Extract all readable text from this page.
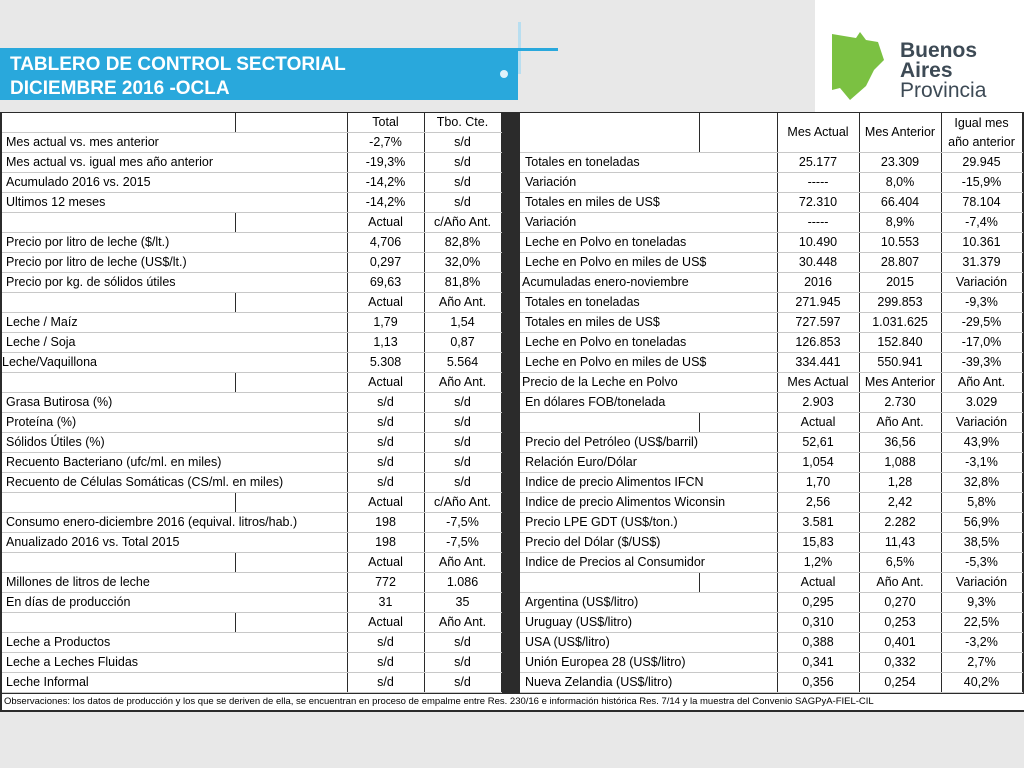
TABLERO DE CONTROL SECTORIAL
DICIEMBRE 2016 -OCLA
Buenos
Aires
Provincia
PRODUCCION:	dic-16	Total	Tbo. Cte.
Mes actual vs. mes anterior		-2,7%	s/d
Mes actual vs. igual mes año anterior		-19,3%	s/d
Acumulado 2016 vs. 2015		-14,2%	s/d
Ultimos 12 meses		-14,2%	s/d
PRECIO LECHE A PRODUCTOR	dic-16	Actual	c/Año Ant.
Precio por litro de leche ($/lt.)		4,706	82,8%
Precio por litro de leche (US$/lt.)		0,297	32,0%
Precio por kg. de sólidos útiles		69,63	81,8%
RELACIONES PROD/INSUMO/PROD:	dic-16	Actual	Año Ant.
Leche / Maíz		1,79	1,54
Leche / Soja		1,13	0,87
Leche/Vaquillona		5.308	5.564
CALIDAD DE LECHE:	nov-16	Actual	Año Ant.
Grasa Butirosa (%)		s/d	s/d
Proteína (%)		s/d	s/d
Sólidos Útiles (%)		s/d	s/d
Recuento Bacteriano (ufc/ml. en miles)		s/d	s/d
Recuento de Células Somáticas (CS/ml. en miles)		s/d	s/d
CONSUMO PER CAPITA	dic-16	Actual	c/Año Ant.
Consumo enero-diciembre 2016 (equival. litros/hab.)		198	-7,5%
Anualizado 2016 vs. Total 2015		198	-7,5%
EXISTENCIAS/STOCKS:	dic-16	Actual	Año Ant.
Millones de litros de leche		772	1.086
En días de producción		31	35
DESTINO DE LA LECHE	nov-16	Actual	Año Ant.
Leche a Productos		s/d	s/d
Leche a Leches Fluidas		s/d	s/d
Leche Informal		s/d	s/d
EXPORTACIONES:	nov-16	Mes Actual	Mes Anterior	Igual mes año anterior
Totales en toneladas		25.177	23.309	29.945
Variación		-----	8,0%	-15,9%
Totales en miles de US$		72.310	66.404	78.104
Variación		-----	8,9%	-7,4%
Leche en Polvo en toneladas		10.490	10.553	10.361
Leche en Polvo en miles de US$		30.448	28.807	31.379
Acumuladas enero-noviembre		2016	2015	Variación
Totales en toneladas		271.945	299.853	-9,3%
Totales en miles de US$		727.597	1.031.625	-29,5%
Leche en Polvo en toneladas		126.853	152.840	-17,0%
Leche en Polvo en miles de US$		334.441	550.941	-39,3%
Precio de la Leche en Polvo		Mes Actual	Mes Anterior	Año Ant.
En dólares FOB/tonelada		2.903	2.730	3.029
VARIABLES DEL MERCADO:	dic-16	Actual	Año Ant.	Variación
Precio del Petróleo (US$/barril)		52,61	36,56	43,9%
Relación Euro/Dólar		1,054	1,088	-3,1%
Indice de precio Alimentos IFCN		1,70	1,28	32,8%
Indice de precio Alimentos Wiconsin		2,56	2,42	5,8%
Precio LPE GDT (US$/ton.)		3.581	2.282	56,9%
Precio del Dólar ($/US$)		15,83	11,43	38,5%
Indice de Precios al Consumidor		1,2%	6,5%	-5,3%
MERCADO MUNDIAL:	nov-16	Actual	Año Ant.	Variación
Argentina (US$/litro)		0,295	0,270	9,3%
Uruguay (US$/litro)		0,310	0,253	22,5%
USA (US$/litro)		0,388	0,401	-3,2%
Unión Europea 28 (US$/litro)		0,341	0,332	2,7%
Nueva Zelandia (US$/litro)		0,356	0,254	40,2%
Observaciones: los datos de producción y los que se deriven de ella, se encuentran en proceso de empalme entre Res. 230/16 e información histórica Res. 7/14 y la muestra del Convenio SAGPyA-FIEL-CIL
